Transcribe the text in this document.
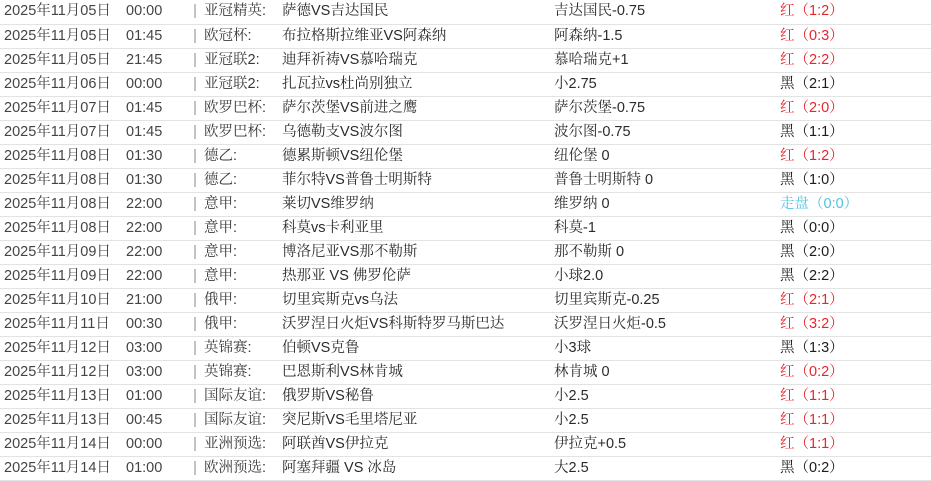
2025年11月05日	00:00	|	亚冠精英:	萨德VS吉达国民	吉达国民-0.75	红（1:2）
2025年11月05日	01:45	|	欧冠杯:	布拉格斯拉维亚VS阿森纳	阿森纳-1.5	红（0:3）
2025年11月05日	21:45	|	亚冠联2:	迪拜祈祷VS慕哈瑞克	慕哈瑞克+1	红（2:2）
2025年11月06日	00:00	|	亚冠联2:	扎瓦拉vs杜尚别独立	小2.75	黑（2:1）
2025年11月07日	01:45	|	欧罗巴杯:	萨尔茨堡VS前进之鹰	萨尔茨堡-0.75	红（2:0）
2025年11月07日	01:45	|	欧罗巴杯:	乌德勒支VS波尔图	波尔图-0.75	黑（1:1）
2025年11月08日	01:30	|	德乙:	德累斯顿VS纽伦堡	纽伦堡 0	红（1:2）
2025年11月08日	01:30	|	德乙:	菲尔特VS普鲁士明斯特	普鲁士明斯特 0	黑（1:0）
2025年11月08日	22:00	|	意甲:	莱切VS维罗纳	维罗纳 0	走盘（0:0）
2025年11月08日	22:00	|	意甲:	科莫vs卡利亚里	科莫-1	黑（0:0）
2025年11月09日	22:00	|	意甲:	博洛尼亚VS那不勒斯	那不勒斯 0	黑（2:0）
2025年11月09日	22:00	|	意甲:	热那亚 VS 佛罗伦萨	小球2.0	黑（2:2）
2025年11月10日	21:00	|	俄甲:	切里宾斯克vs乌法	切里宾斯克-0.25	红（2:1）
2025年11月11日	00:30	|	俄甲:	沃罗涅日火炬VS科斯特罗马斯巴达	沃罗涅日火炬-0.5	红（3:2）
2025年11月12日	03:00	|	英锦赛:	伯顿VS克鲁	小3球	黑（1:3）
2025年11月12日	03:00	|	英锦赛:	巴恩斯利VS林肯城	林肯城 0	红（0:2）
2025年11月13日	01:00	|	国际友谊:	俄罗斯VS秘鲁	小2.5	红（1:1）
2025年11月13日	00:45	|	国际友谊:	突尼斯VS毛里塔尼亚	小2.5	红（1:1）
2025年11月14日	00:00	|	亚洲预选:	阿联酋VS伊拉克	伊拉克+0.5	红（1:1）
2025年11月14日	01:00	|	欧洲预选:	阿塞拜疆 VS 冰岛	大2.5	黑（0:2）
